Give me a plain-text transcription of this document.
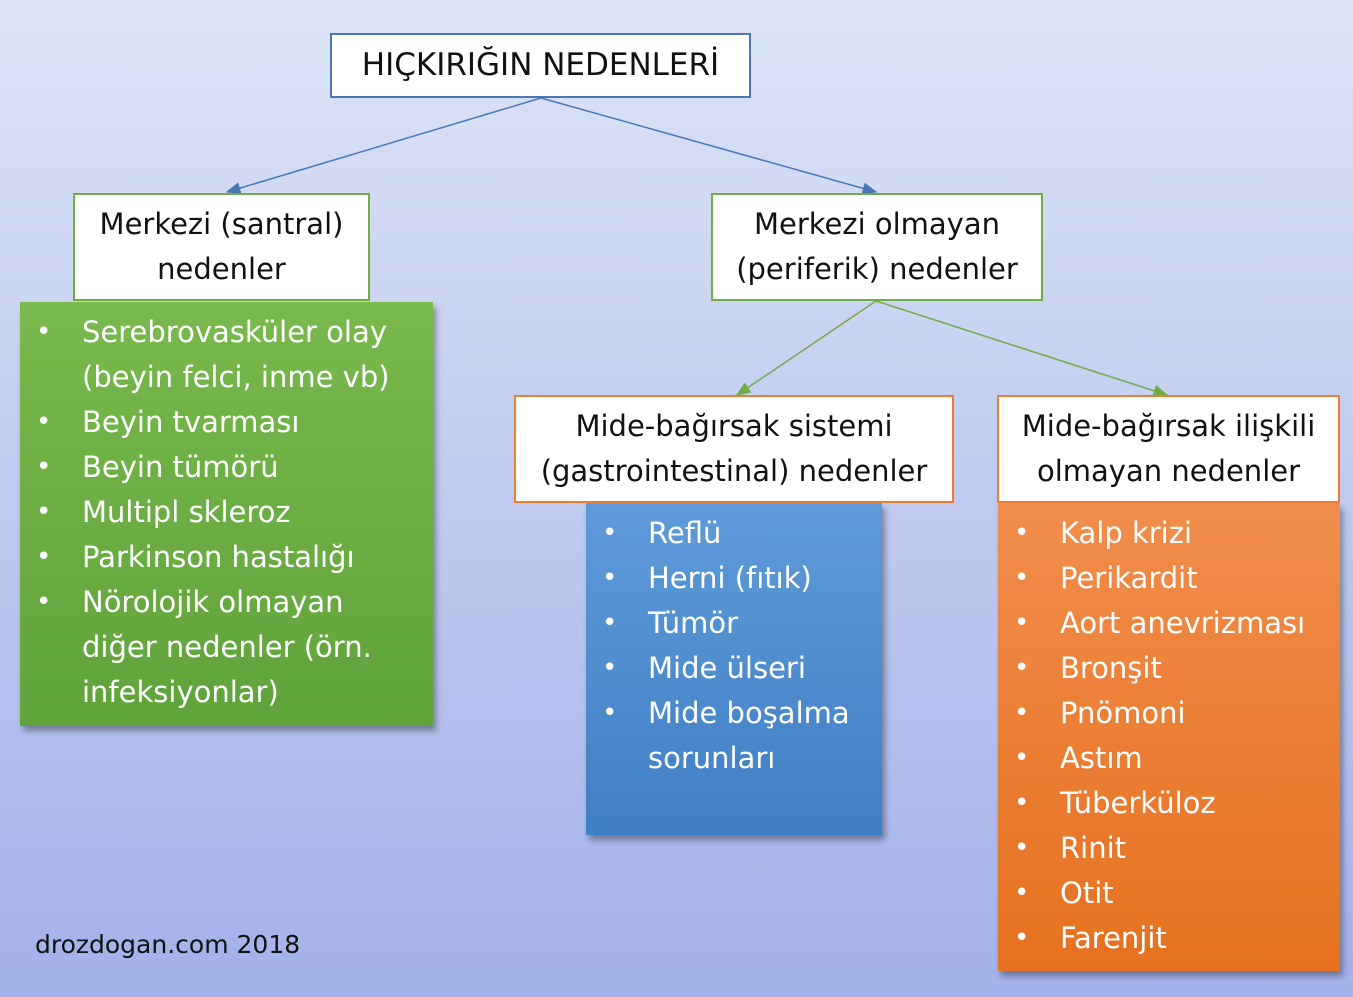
HIÇKIRIĞIN NEDENLERİ
Merkezi (santral)
nedenler
Merkezi olmayan
(periferik) nedenler
Mide-bağırsak sistemi
(gastrointestinal) nedenler
Mide-bağırsak ilişkili
olmayan nedenler
• Serebrovasküler olay (beyin felci, inme vb)
• Beyin tvarması
• Beyin tümörü
• Multipl skleroz
• Parkinson hastalığı
• Nörolojik olmayan diğer nedenler (örn. infeksiyonlar)
• Reflü
• Herni (fıtık)
• Tümör
• Mide ülseri
• Mide boşalma sorunları
• Kalp krizi
• Perikardit
• Aort anevrizması
• Bronşit
• Pnömoni
• Astım
• Tüberküloz
• Rinit
• Otit
• Farenjit
drozdogan.com 2018
